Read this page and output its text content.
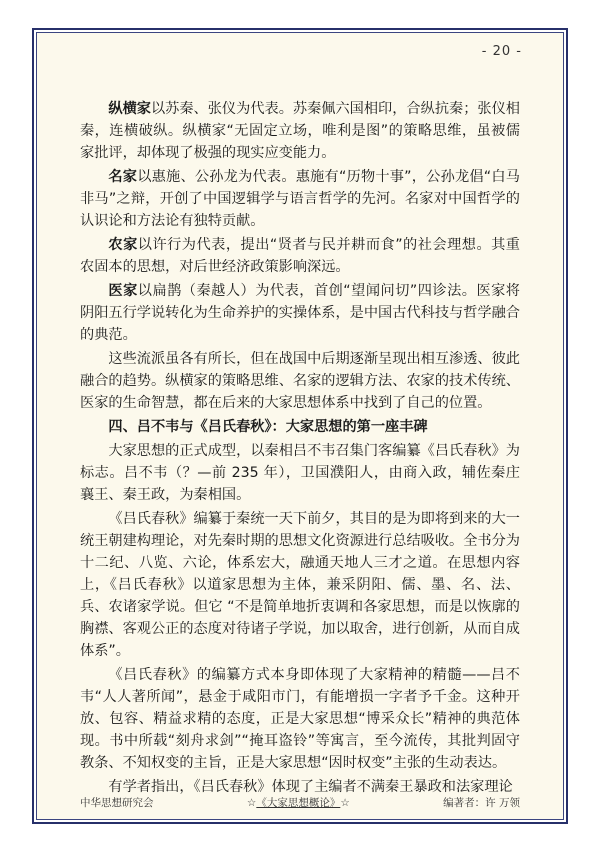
- 20 -

纵横家以苏秦、张仪为代表。苏秦佩六国相印，合纵抗秦；张仪相秦，连横破纵。纵横家“无固定立场，唯利是图”的策略思维，虽被儒家批评，却体现了极强的现实应变能力。

名家以惠施、公孙龙为代表。惠施有“历物十事”，公孙龙倡“白马非马”之辩，开创了中国逻辑学与语言哲学的先河。名家对中国哲学的认识论和方法论有独特贡献。

农家以许行为代表，提出“贤者与民并耕而食”的社会理想。其重农固本的思想，对后世经济政策影响深远。

医家以扁鹊（秦越人）为代表，首创“望闻问切”四诊法。医家将阴阳五行学说转化为生命养护的实操体系，是中国古代科技与哲学融合的典范。

这些流派虽各有所长，但在战国中后期逐渐呈现出相互渗透、彼此融合的趋势。纵横家的策略思维、名家的逻辑方法、农家的技术传统、医家的生命智慧，都在后来的大家思想体系中找到了自己的位置。

四、吕不韦与《吕氏春秋》：大家思想的第一座丰碑

大家思想的正式成型，以秦相吕不韦召集门客编纂《吕氏春秋》为标志。吕不韦（？—前 235 年），卫国濮阳人，由商入政，辅佐秦庄襄王、秦王政，为秦相国。

《吕氏春秋》编纂于秦统一天下前夕，其目的是为即将到来的大一统王朝建构理论，对先秦时期的思想文化资源进行总结吸收。全书分为十二纪、八览、六论，体系宏大，融通天地人三才之道。在思想内容上，《吕氏春秋》以道家思想为主体，兼采阴阳、儒、墨、名、法、兵、农诸家学说。但它 “不是简单地折衷调和各家思想，而是以恢廓的胸襟、客观公正的态度对待诸子学说，加以取舍，进行创新，从而自成体系”。

《吕氏春秋》的编纂方式本身即体现了大家精神的精髓——吕不韦“人人著所闻”，悬金于咸阳市门，有能增损一字者予千金。这种开放、包容、精益求精的态度，正是大家思想“博采众长”精神的典范体现。书中所载“刻舟求剑”“掩耳盗铃”等寓言，至今流传，其批判固守教条、不知权变的主旨，正是大家思想“因时权变”主张的生动表达。

有学者指出，《吕氏春秋》体现了主编者不满秦王暴政和法家理论

中华思想研究会	☆《大家思想概论》☆	编著者：许 万领
